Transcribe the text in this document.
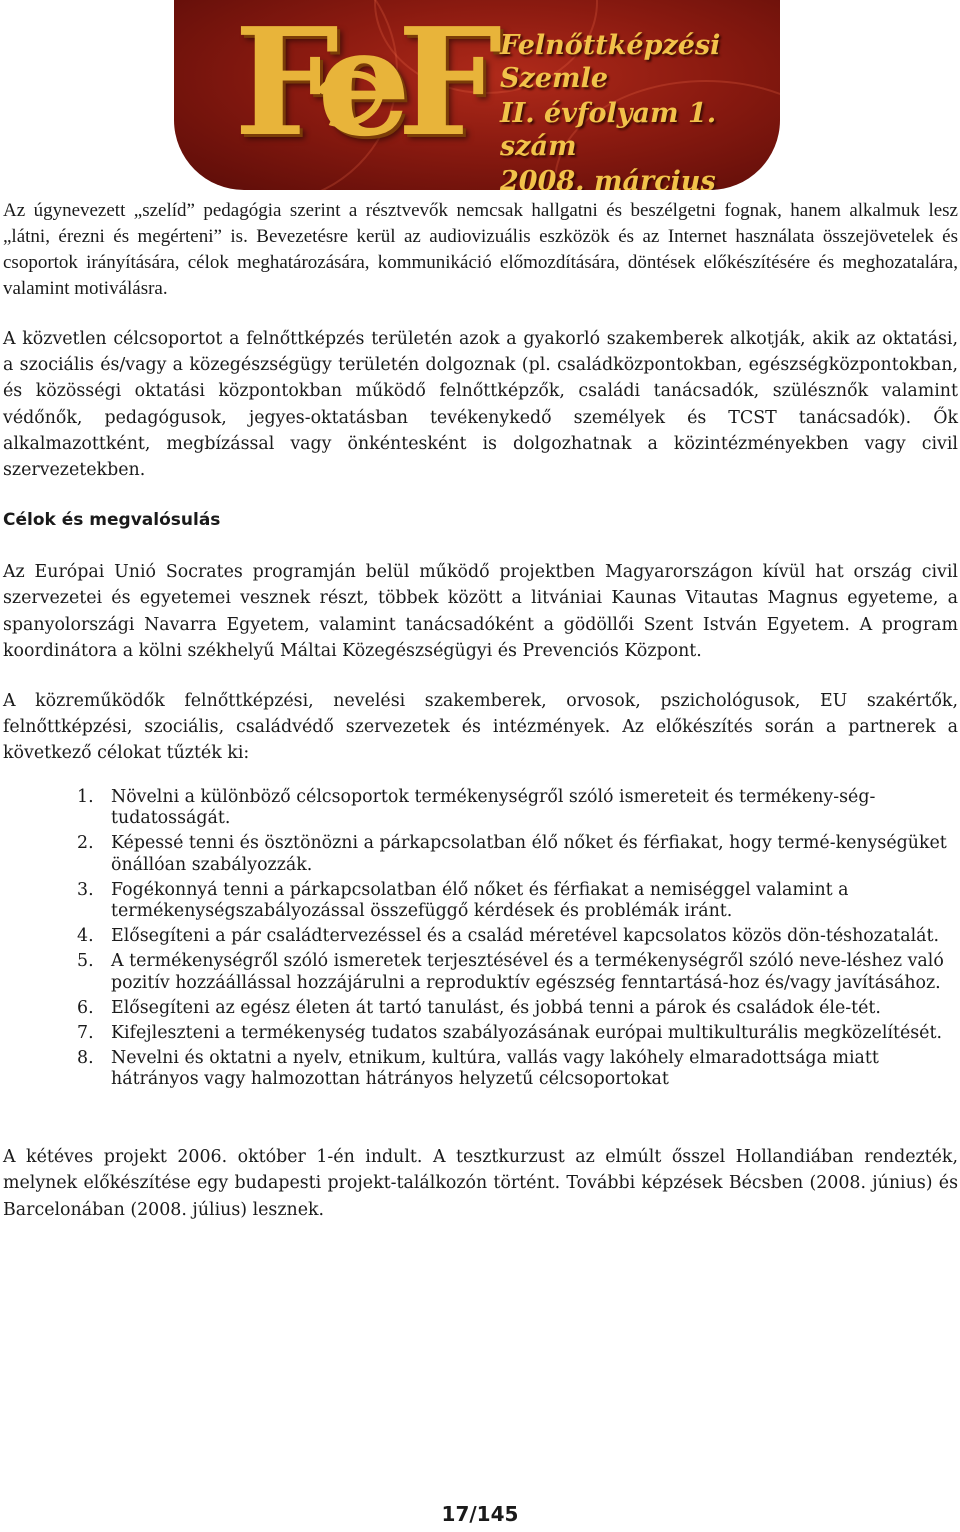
FeF Felnőttképzési Szemle
II. évfolyam 1. szám
2008. március

Az úgynevezett „szelíd” pedagógia szerint a résztvevők nemcsak hallgatni és beszélgetni fognak, hanem alkalmuk lesz „látni, érezni és megérteni” is. Bevezetésre kerül az audiovizuális eszközök és az Internet használata összejövetelek és csoportok irányítására, célok meghatározására, kommunikáció előmozdítására, döntések előkészítésére és meghozatalára, valamint motiválásra.

A közvetlen célcsoportot a felnőttképzés területén azok a gyakorló szakemberek alkotják, akik az oktatási, a szociális és/vagy a közegészségügy területén dolgoznak (pl. családközpontokban, egészségközpontokban, és közösségi oktatási központokban működő felnőttképzők, családi tanácsadók, szülésznők valamint védőnők, pedagógusok, jegyes-oktatásban tevékenykedő személyek és TCST tanácsadók). Ők alkalmazottként, megbízással vagy önkéntesként is dolgozhatnak a közintézményekben vagy civil szervezetekben.

Célok és megvalósulás

Az Európai Unió Socrates programján belül működő projektben Magyarországon kívül hat ország civil szervezetei és egyetemei vesznek részt, többek között a litvániai Kaunas Vitautas Magnus egyeteme, a spanyolországi Navarra Egyetem, valamint tanácsadóként a gödöllői Szent István Egyetem. A program koordinátora a kölni székhelyű Máltai Közegészségügyi és Prevenciós Központ.

A közreműködők felnőttképzési, nevelési szakemberek, orvosok, pszichológusok, EU szakértők, felnőttképzési, szociális, családvédő szervezetek és intézmények. Az előkészítés során a partnerek a következő célokat tűzték ki:

1. Növelni a különböző célcsoportok termékenységről szóló ismereteit és termékeny-ség-tudatosságát.
2. Képessé tenni és ösztönözni a párkapcsolatban élő nőket és férfiakat, hogy termé-kenységüket önállóan szabályozzák.
3. Fogékonnyá tenni a párkapcsolatban élő nőket és férfiakat a nemiséggel valamint a termékenységszabályozással összefüggő kérdések és problémák iránt.
4. Elősegíteni a pár családtervezéssel és a család méretével kapcsolatos közös dön-téshozatalát.
5. A termékenységről szóló ismeretek terjesztésével és a termékenységről szóló neve-léshez való pozitív hozzáállással hozzájárulni a reproduktív egészség fenntartásá-hoz és/vagy javításához.
6. Elősegíteni az egész életen át tartó tanulást, és jobbá tenni a párok és családok éle-tét.
7. Kifejleszteni a termékenység tudatos szabályozásának európai multikulturális megközelítését.
8. Nevelni és oktatni a nyelv, etnikum, kultúra, vallás vagy lakóhely elmaradottsága miatt hátrányos vagy halmozottan hátrányos helyzetű célcsoportokat

A kétéves projekt 2006. október 1-én indult. A tesztkurzust az elmúlt ősszel Hollandiában rendezték, melynek előkészítése egy budapesti projekt-találkozón történt. További képzések Bécsben (2008. június) és Barcelonában (2008. július) lesznek.

17/145
